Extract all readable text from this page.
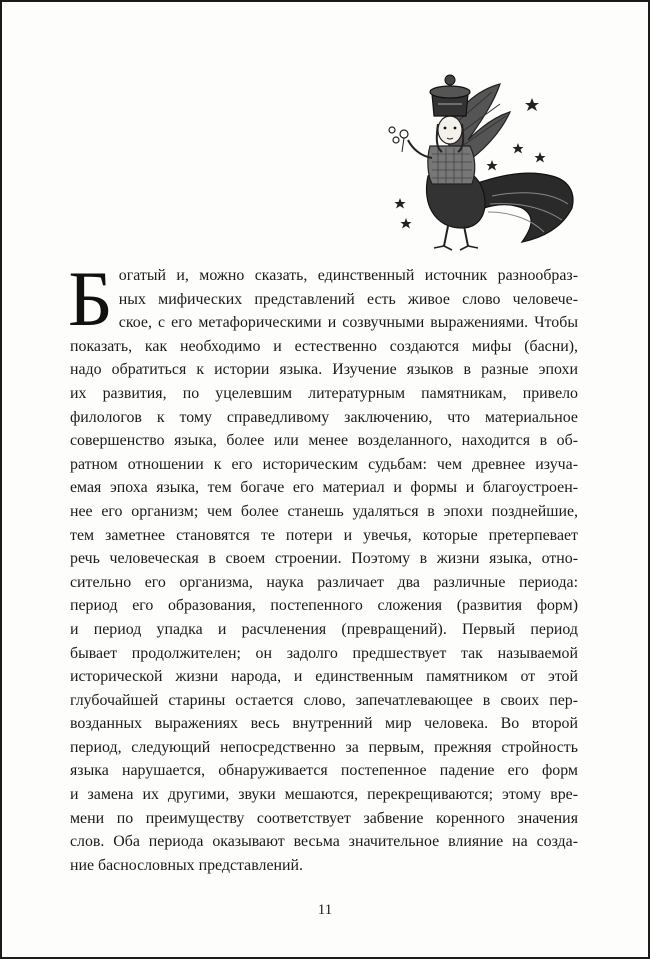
Б огатый и, можно сказать, единственный источник разнообраз-
ных мифических представлений есть живое слово человече-
ское, с его метафорическими и созвучными выражениями. Чтобы
показать, как необходимо и естественно создаются мифы (басни),
надо обратиться к истории языка. Изучение языков в разные эпохи
их развития, по уцелевшим литературным памятникам, привело
филологов к тому справедливому заключению, что материальное
совершенство языка, более или менее возделанного, находится в об-
ратном отношении к его историческим судьбам: чем древнее изуча-
емая эпоха языка, тем богаче его материал и формы и благоустроен-
нее его организм; чем более станешь удаляться в эпохи позднейшие,
тем заметнее становятся те потери и увечья, которые претерпевает
речь человеческая в своем строении. Поэтому в жизни языка, отно-
сительно его организма, наука различает два различные периода:
период его образования, постепенного сложения (развития форм)
и период упадка и расчленения (превращений). Первый период
бывает продолжителен; он задолго предшествует так называемой
исторической жизни народа, и единственным памятником от этой
глубочайшей старины остается слово, запечатлевающее в своих пер-
возданных выражениях весь внутренний мир человека. Во второй
период, следующий непосредственно за первым, прежняя стройность
языка нарушается, обнаруживается постепенное падение его форм
и замена их другими, звуки мешаются, перекрещиваются; этому вре-
мени по преимуществу соответствует забвение коренного значения
слов. Оба периода оказывают весьма значительное влияние на созда-
ние баснословных представлений.
11
